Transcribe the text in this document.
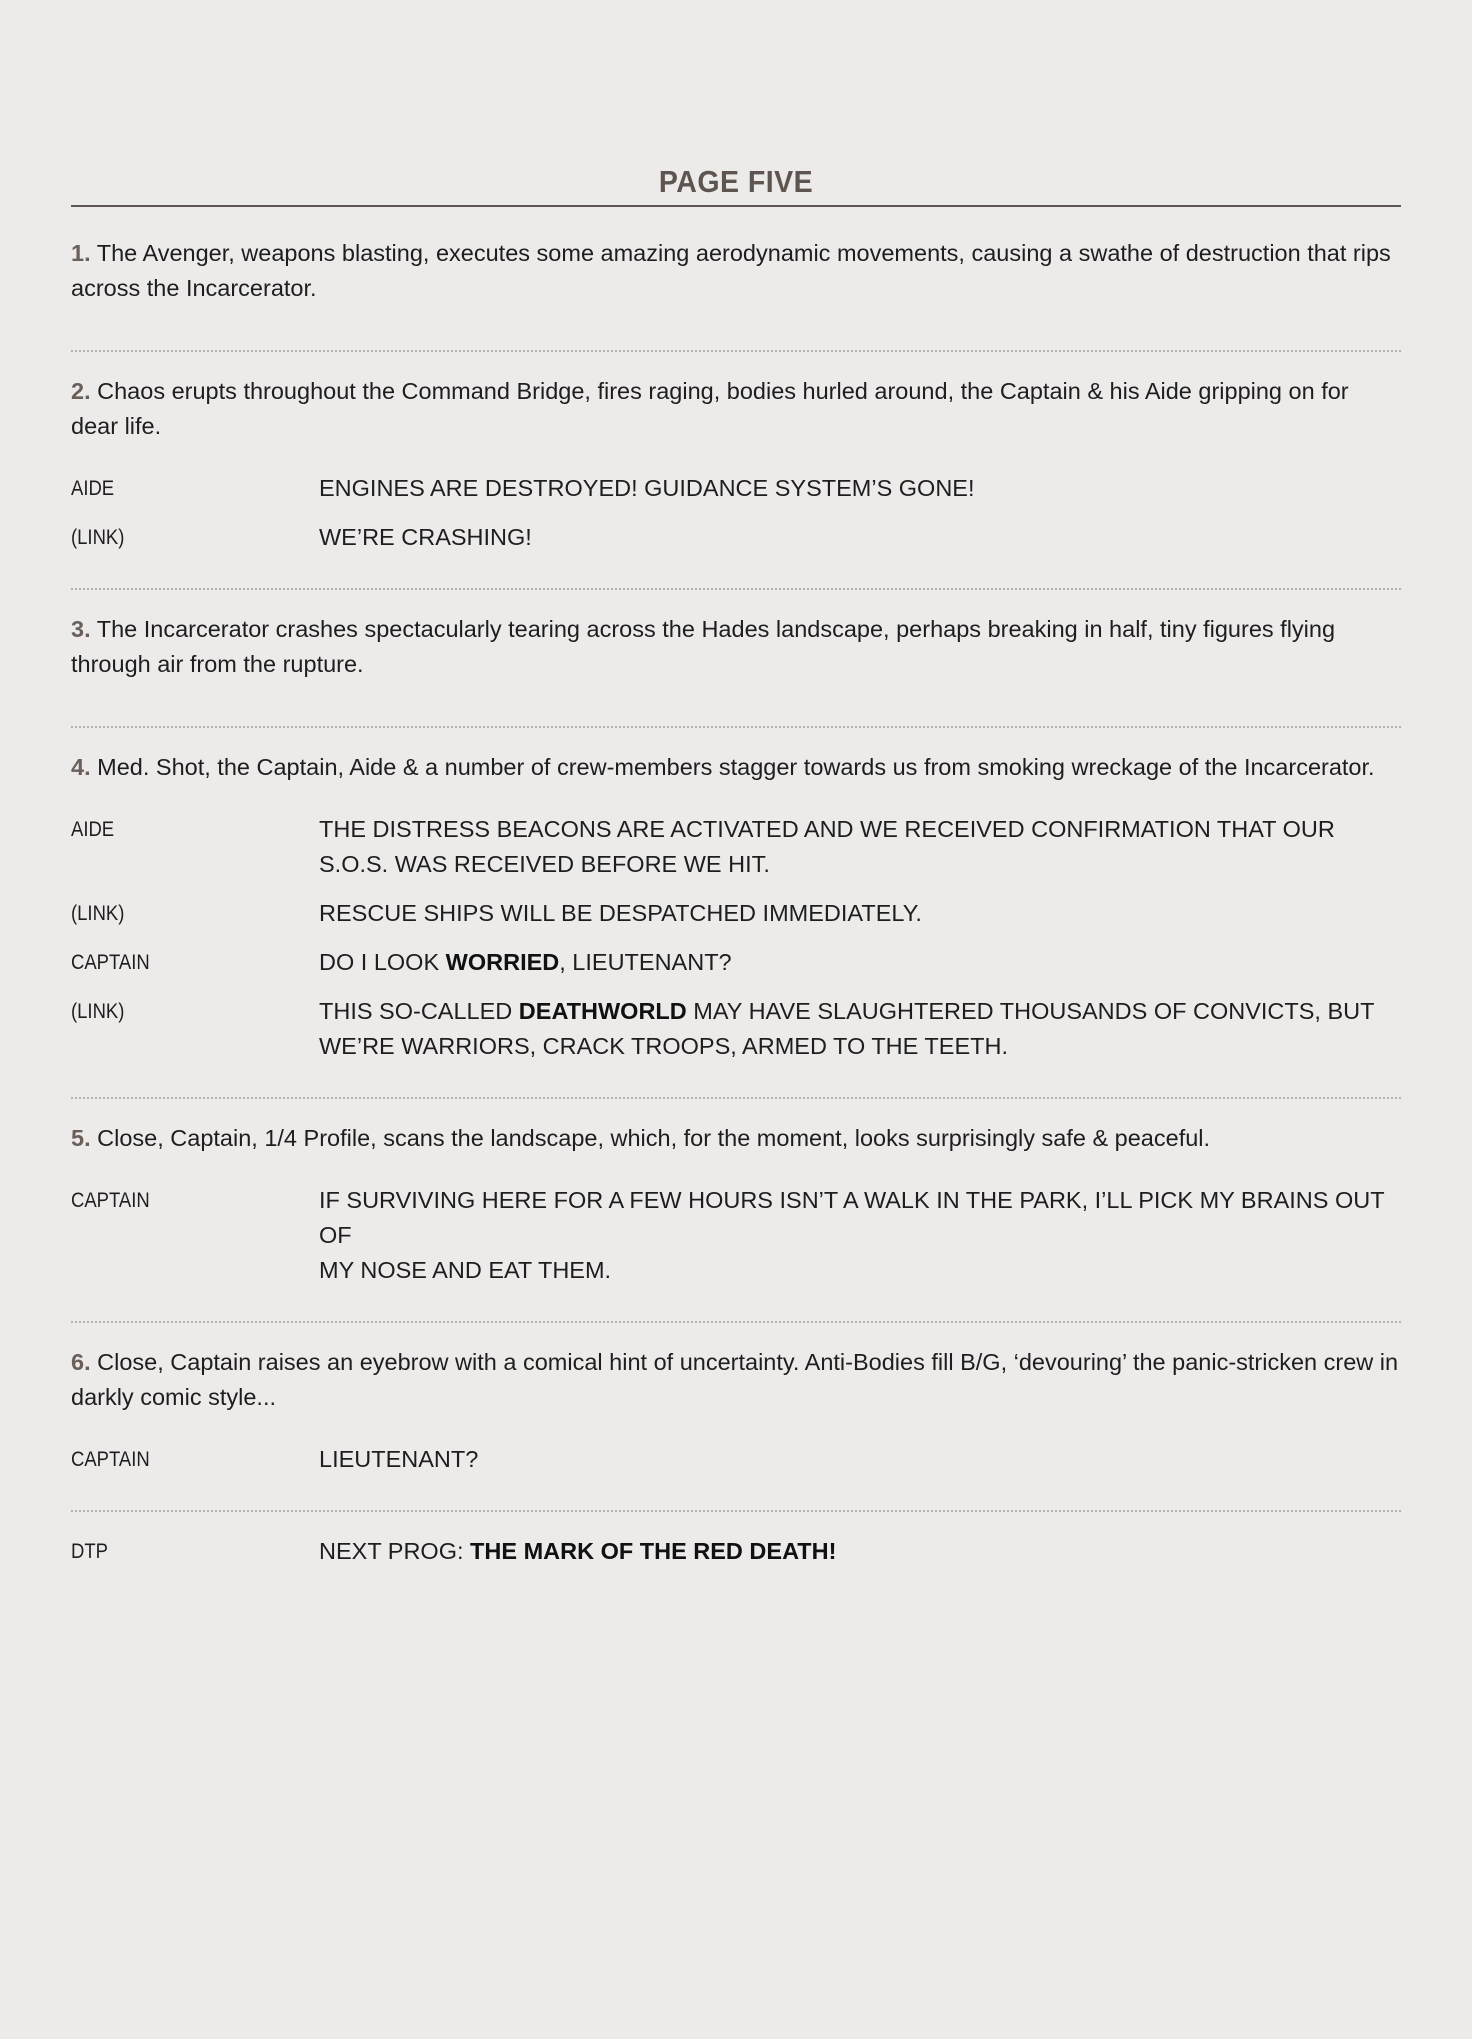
PAGE FIVE
1. The Avenger, weapons blasting, executes some amazing aerodynamic movements, causing a swathe of destruction that rips across the Incarcerator.
2. Chaos erupts throughout the Command Bridge, fires raging, bodies hurled around, the Captain & his Aide gripping on for dear life.
AIDE	ENGINES ARE DESTROYED! GUIDANCE SYSTEM’S GONE!
(LINK)	WE’RE CRASHING!
3. The Incarcerator crashes spectacularly tearing across the Hades landscape, perhaps breaking in half, tiny figures flying through air from the rupture.
4. Med. Shot, the Captain, Aide & a number of crew-members stagger towards us from smoking wreckage of the Incarcerator.
AIDE	THE DISTRESS BEACONS ARE ACTIVATED AND WE RECEIVED CONFIRMATION THAT OUR S.O.S. WAS RECEIVED BEFORE WE HIT.
(LINK)	RESCUE SHIPS WILL BE DESPATCHED IMMEDIATELY.
CAPTAIN	DO I LOOK WORRIED, LIEUTENANT?
(LINK)	THIS SO-CALLED DEATHWORLD MAY HAVE SLAUGHTERED THOUSANDS OF CONVICTS, BUT WE’RE WARRIORS, CRACK TROOPS, ARMED TO THE TEETH.
5. Close, Captain, 1/4 Profile, scans the landscape, which, for the moment, looks surprisingly safe & peaceful.
CAPTAIN	IF SURVIVING HERE FOR A FEW HOURS ISN’T A WALK IN THE PARK, I’LL PICK MY BRAINS OUT OF
MY NOSE AND EAT THEM.
6. Close, Captain raises an eyebrow with a comical hint of uncertainty. Anti-Bodies fill B/G, ‘devouring’ the panic-stricken crew in darkly comic style...
CAPTAIN	LIEUTENANT?
DTP	NEXT PROG: THE MARK OF THE RED DEATH!
